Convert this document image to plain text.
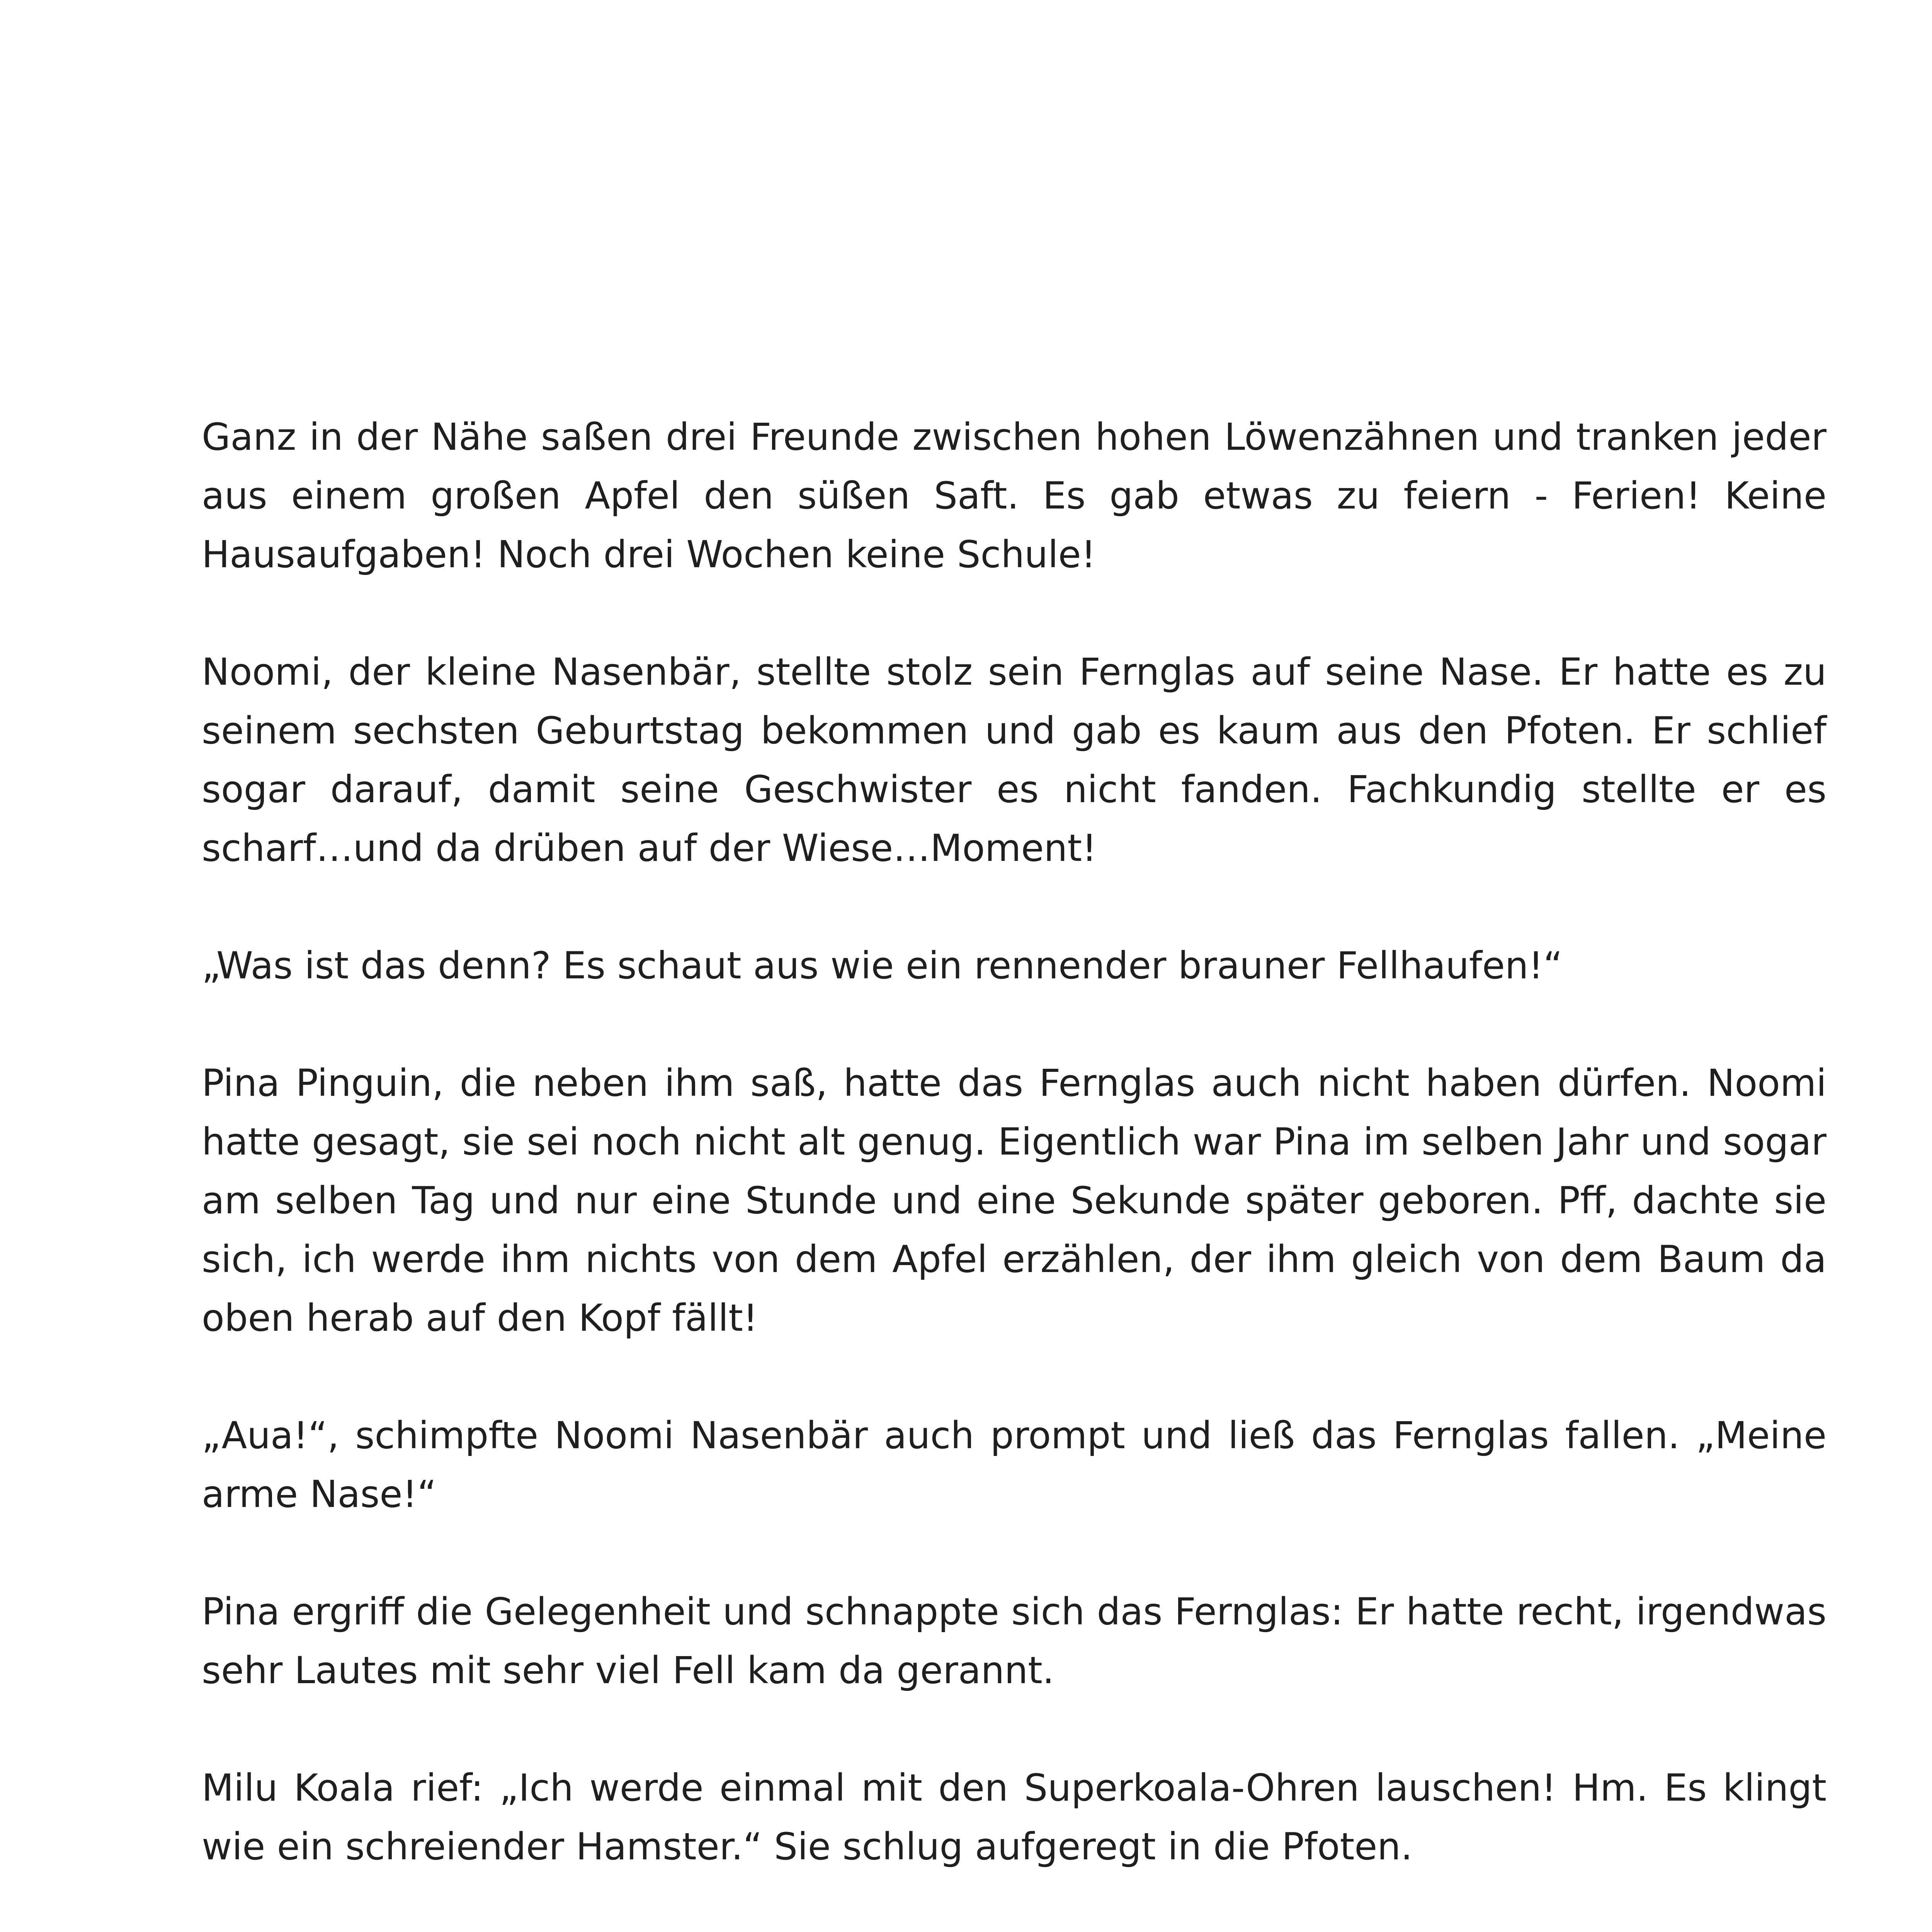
Ganz in der Nähe saßen drei Freunde zwischen hohen Löwenzähnen und tranken jeder aus einem großen Apfel den süßen Saft. Es gab etwas zu feiern - Ferien! Keine Hausaufgaben! Noch drei Wochen keine Schule!

Noomi, der kleine Nasenbär, stellte stolz sein Fernglas auf seine Nase. Er hatte es zu seinem sechsten Geburtstag bekommen und gab es kaum aus den Pfoten. Er schlief sogar darauf, damit seine Geschwister es nicht fanden. Fachkundig stellte er es scharf…und da drüben auf der Wiese…Moment!

„Was ist das denn? Es schaut aus wie ein rennender brauner Fellhaufen!“

Pina Pinguin, die neben ihm saß, hatte das Fernglas auch nicht haben dürfen. Noomi hatte gesagt, sie sei noch nicht alt genug. Eigentlich war Pina im selben Jahr und sogar am selben Tag und nur eine Stunde und eine Sekunde später geboren. Pff, dachte sie sich, ich werde ihm nichts von dem Apfel erzählen, der ihm gleich von dem Baum da oben herab auf den Kopf fällt!

„Aua!“, schimpfte Noomi Nasenbär auch prompt und ließ das Fernglas fallen. „Meine arme Nase!“

Pina ergriff die Gelegenheit und schnappte sich das Fernglas: Er hatte recht, irgendwas sehr Lautes mit sehr viel Fell kam da gerannt.

Milu Koala rief: „Ich werde einmal mit den Superkoala-Ohren lauschen! Hm. Es klingt wie ein schreiender Hamster.“ Sie schlug aufgeregt in die Pfoten.
